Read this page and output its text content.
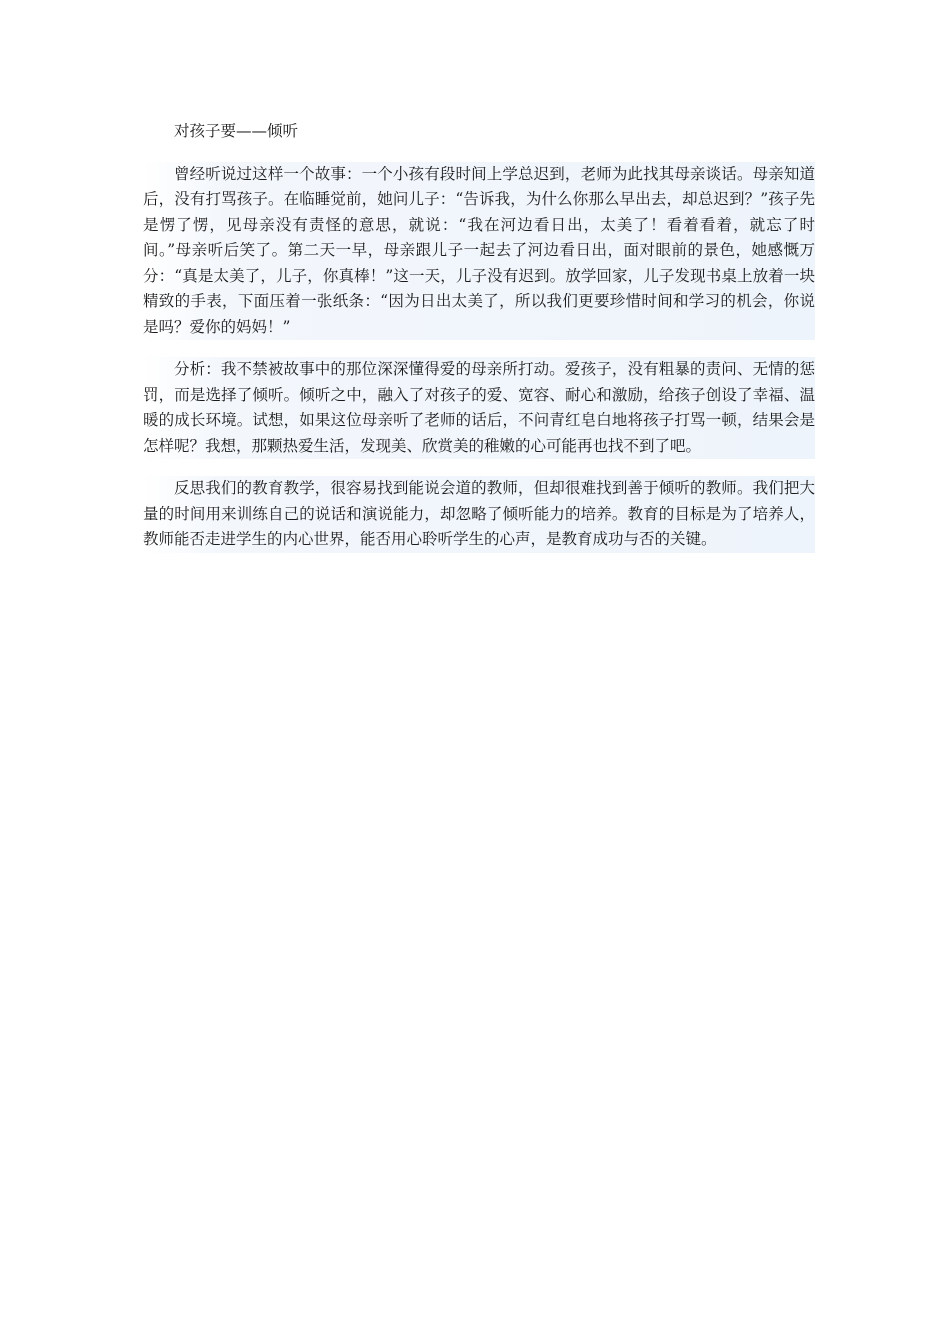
对孩子要——倾听

曾经听说过这样一个故事：一个小孩有段时间上学总迟到，老师为此找其母亲谈话。母亲知道后，没有打骂孩子。在临睡觉前，她问儿子：“告诉我，为什么你那么早出去，却总迟到？”孩子先是愣了愣，见母亲没有责怪的意思，就说：“我在河边看日出，太美了！看着看着，就忘了时间。”母亲听后笑了。第二天一早，母亲跟儿子一起去了河边看日出，面对眼前的景色，她感慨万分：“真是太美了，儿子，你真棒！”这一天，儿子没有迟到。放学回家，儿子发现书桌上放着一块精致的手表，下面压着一张纸条：“因为日出太美了，所以我们更要珍惜时间和学习的机会，你说是吗？爱你的妈妈！”

分析：我不禁被故事中的那位深深懂得爱的母亲所打动。爱孩子，没有粗暴的责问、无情的惩罚，而是选择了倾听。倾听之中，融入了对孩子的爱、宽容、耐心和激励，给孩子创设了幸福、温暖的成长环境。试想，如果这位母亲听了老师的话后，不问青红皂白地将孩子打骂一顿，结果会是怎样呢？我想，那颗热爱生活，发现美、欣赏美的稚嫩的心可能再也找不到了吧。

反思我们的教育教学，很容易找到能说会道的教师，但却很难找到善于倾听的教师。我们把大量的时间用来训练自己的说话和演说能力，却忽略了倾听能力的培养。教育的目标是为了培养人，教师能否走进学生的内心世界，能否用心聆听学生的心声，是教育成功与否的关键。
